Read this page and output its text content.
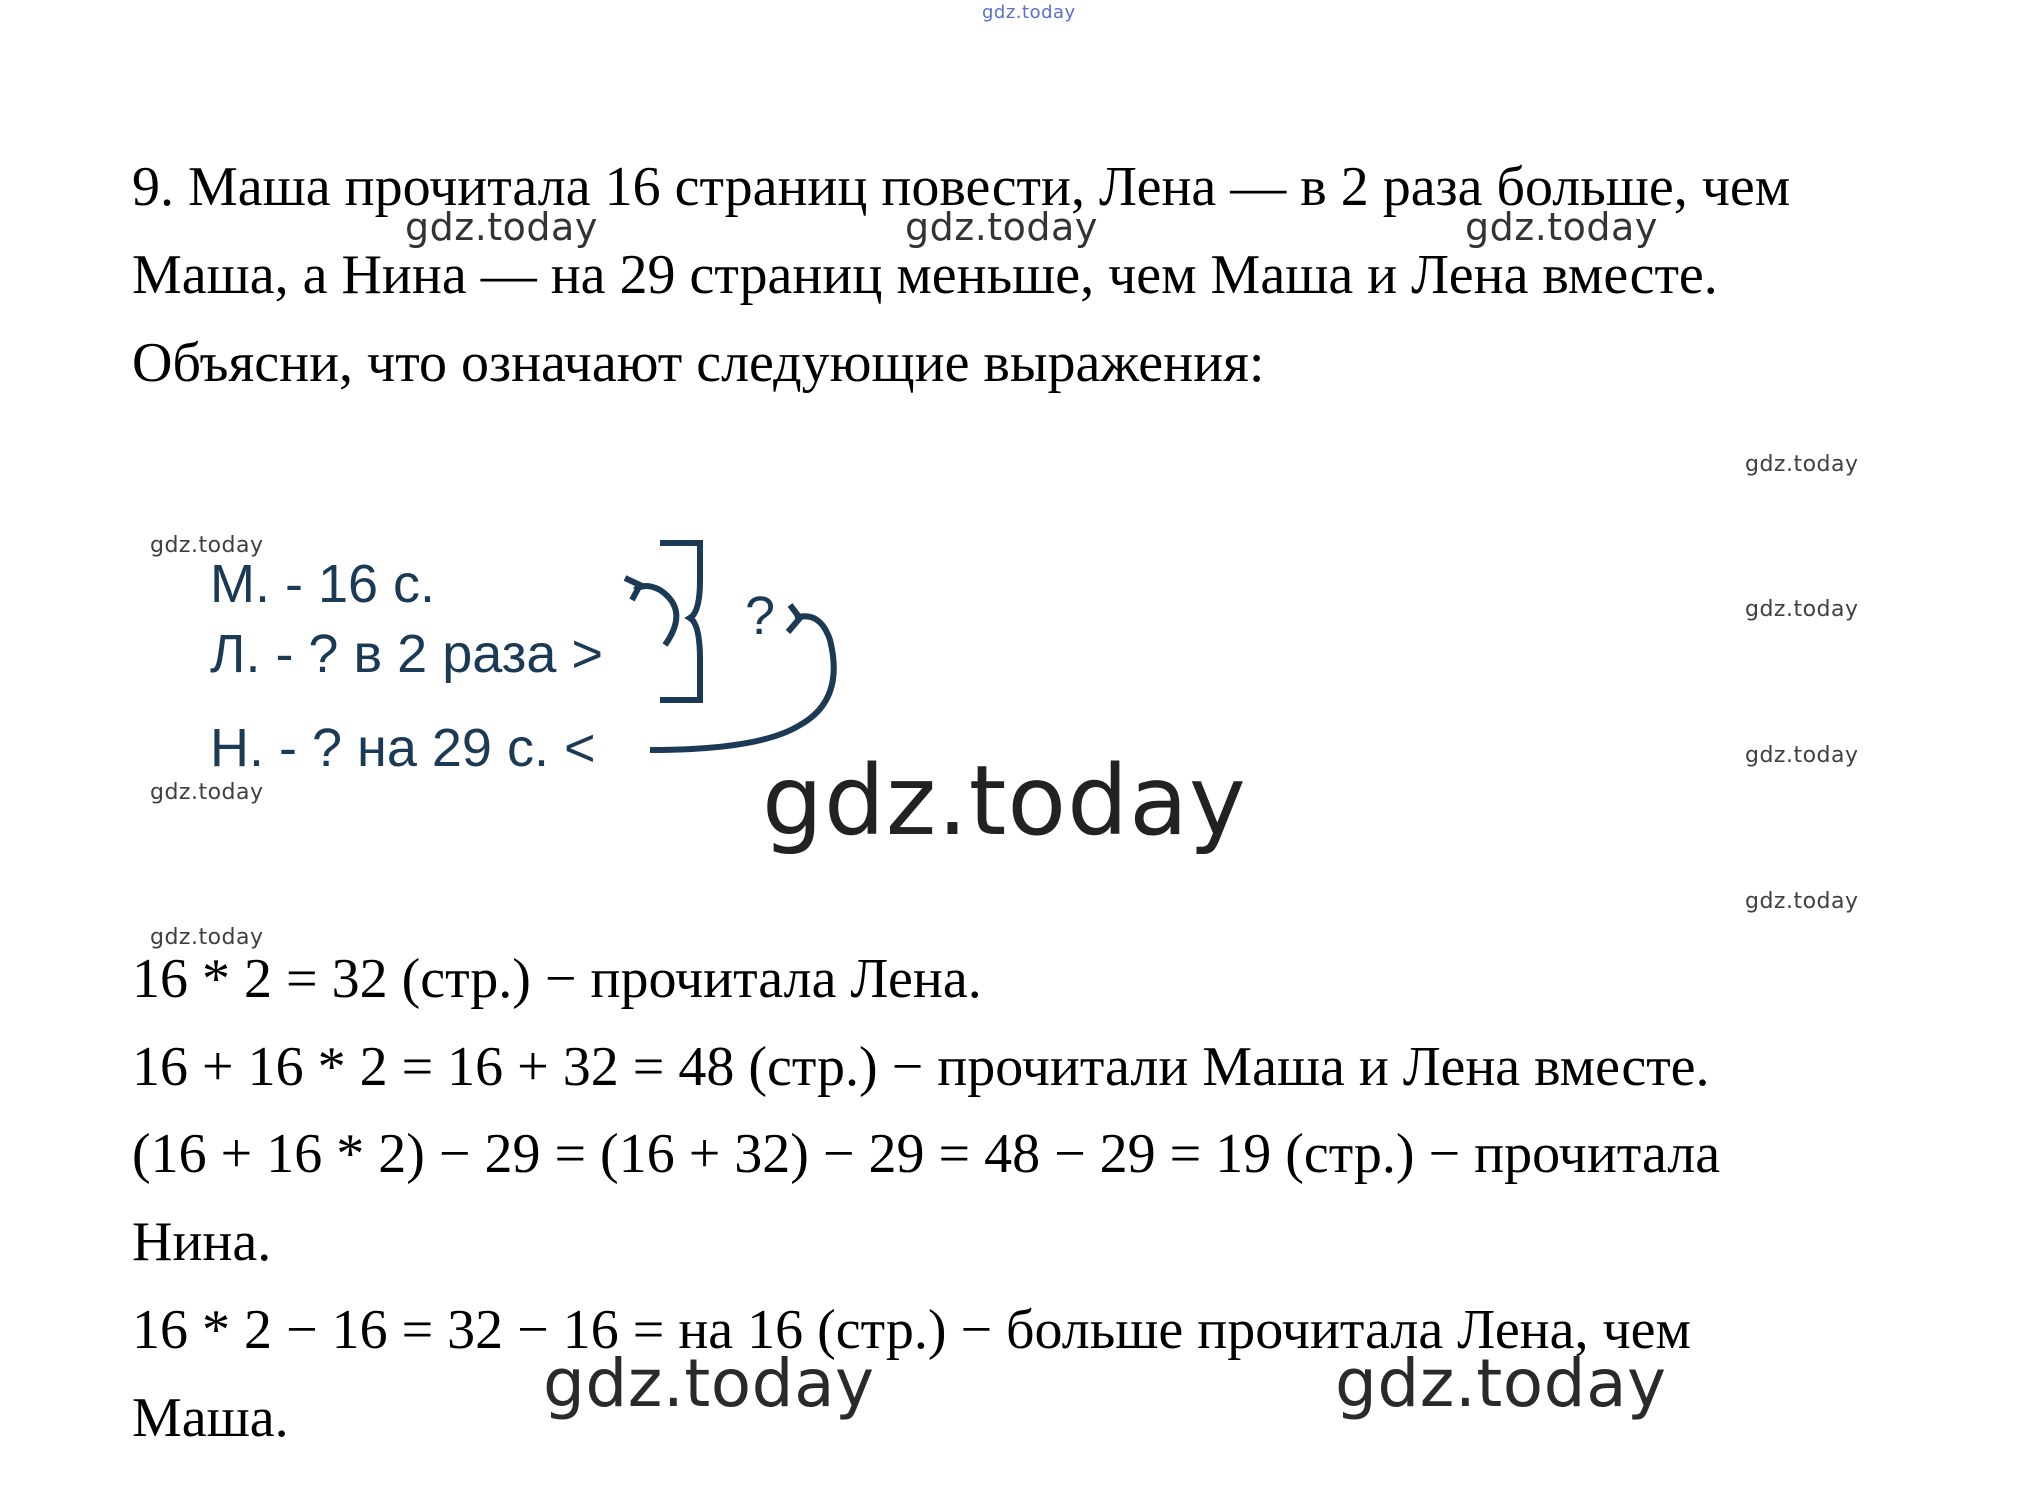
gdz.today
9. Маша прочитала 16 страниц повести, Лена — в 2 раза больше, чем
Маша, а Нина — на 29 страниц меньше, чем Маша и Лена вместе.
Объясни, что означают следующие выражения:
gdz.today	gdz.today	gdz.today
gdz.today
gdz.today
gdz.today
gdz.today
gdz.today
gdz.today
gdz.today
М. - 16 с.
Л. - ? в 2 раза >
Н. - ? на 29 с. <
?
gdz.today
16 * 2 = 32 (стр.) − прочитала Лена.
16 + 16 * 2 = 16 + 32 = 48 (стр.) − прочитали Маша и Лена вместе.
(16 + 16 * 2) − 29 = (16 + 32) − 29 = 48 − 29 = 19 (стр.) − прочитала
Нина.
16 * 2 − 16 = 32 − 16 = на 16 (стр.) − больше прочитала Лена, чем
Маша.	gdz.today	gdz.today
